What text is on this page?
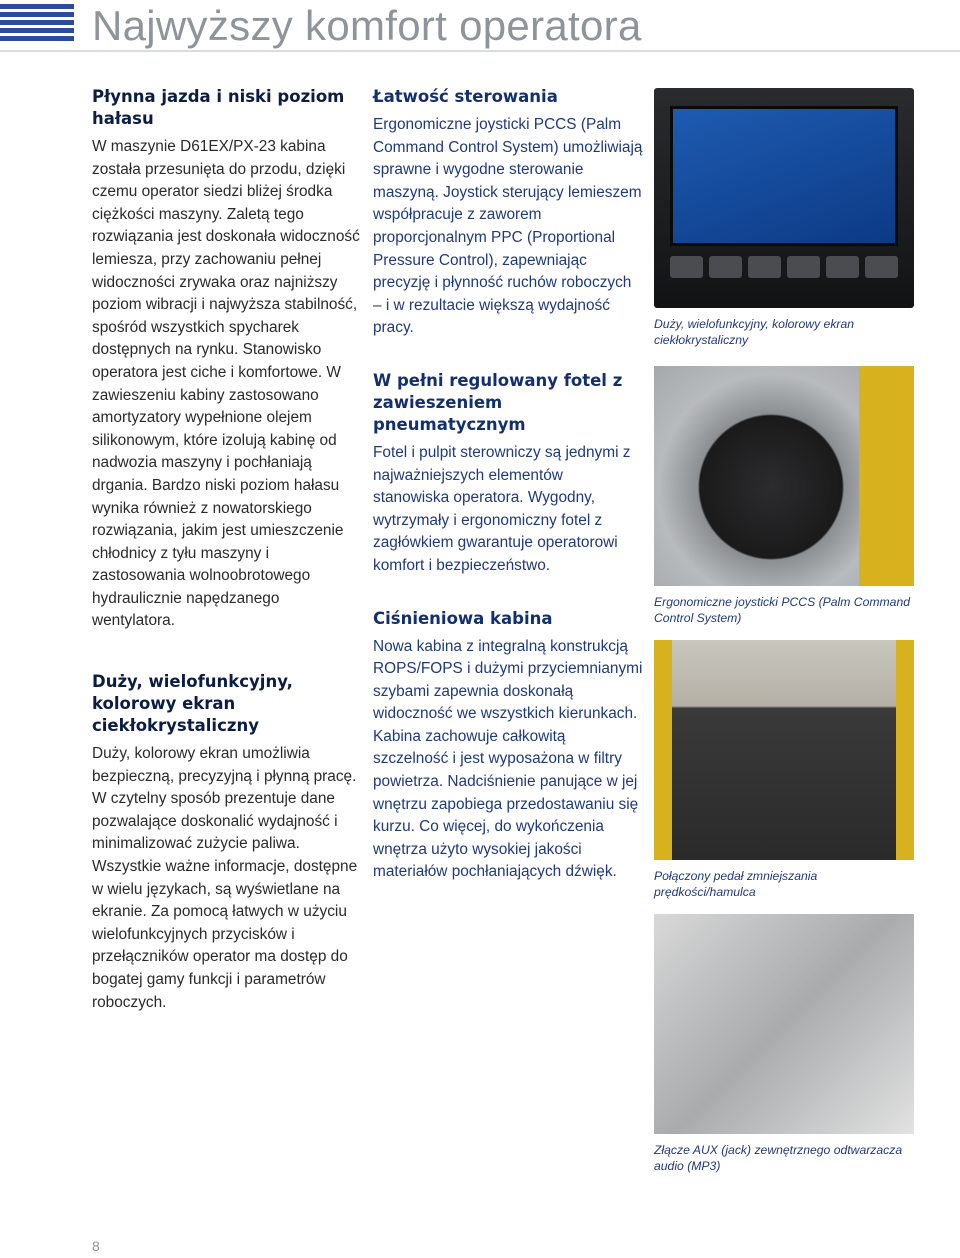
Najwyższy komfort operatora
Płynna jazda i niski poziom hałasu

W maszynie D61EX/PX-23 kabina została przesunięta do przodu, dzięki czemu operator siedzi bliżej środka ciężkości maszyny. Zaletą tego rozwiązania jest doskonała widoczność lemiesza, przy zachowaniu pełnej widoczności zrywaka oraz najniższy poziom wibracji i najwyższa stabilność, spośród wszystkich spycharek dostępnych na rynku. Stanowisko operatora jest ciche i komfortowe. W zawieszeniu kabiny zastosowano amortyzatory wypełnione olejem silikonowym, które izolują kabinę od nadwozia maszyny i pochłaniają drgania. Bardzo niski poziom hałasu wynika również z nowatorskiego rozwiązania, jakim jest umieszczenie chłodnicy z tyłu maszyny i zastosowania wolnoobrotowego hydraulicznie napędzanego wentylatora.

Duży, wielofunkcyjny, kolorowy ekran ciekłokrystaliczny

Duży, kolorowy ekran umożliwia bezpieczną, precyzyjną i płynną pracę. W czytelny sposób prezentuje dane pozwalające doskonalić wydajność i minimalizować zużycie paliwa. Wszystkie ważne informacje, dostępne w wielu językach, są wyświetlane na ekranie. Za pomocą łatwych w użyciu wielofunkcyjnych przycisków i przełączników operator ma dostęp do bogatej gamy funkcji i parametrów roboczych.

Łatwość sterowania

Ergonomiczne joysticki PCCS (Palm Command Control System) umożliwiają sprawne i wygodne sterowanie maszyną. Joystick sterujący lemieszem współpracuje z zaworem proporcjonalnym PPC (Proportional Pressure Control), zapewniając precyzję i płynność ruchów roboczych – i w rezultacie większą wydajność pracy.

W pełni regulowany fotel z zawieszeniem pneumatycznym

Fotel i pulpit sterowniczy są jednymi z najważniejszych elementów stanowiska operatora. Wygodny, wytrzymały i ergonomiczny fotel z zagłówkiem gwarantuje operatorowi komfort i bezpieczeństwo.

Ciśnieniowa kabina

Nowa kabina z integralną konstrukcją ROPS/FOPS i dużymi przyciemnianymi szybami zapewnia doskonałą widoczność we wszystkich kierunkach. Kabina zachowuje całkowitą szczelność i jest wyposażona w filtry powietrza. Nadciśnienie panujące w jej wnętrzu zapobiega przedostawaniu się kurzu. Co więcej, do wykończenia wnętrza użyto wysokiej jakości materiałów pochłaniających dźwięk.

Duży, wielofunkcyjny, kolorowy ekran ciekłokrystaliczny
Ergonomiczne joysticki PCCS (Palm Command Control System)
Połączony pedał zmniejszania prędkości/hamulca
Złącze AUX (jack) zewnętrznego odtwarzacza audio (MP3)
8
